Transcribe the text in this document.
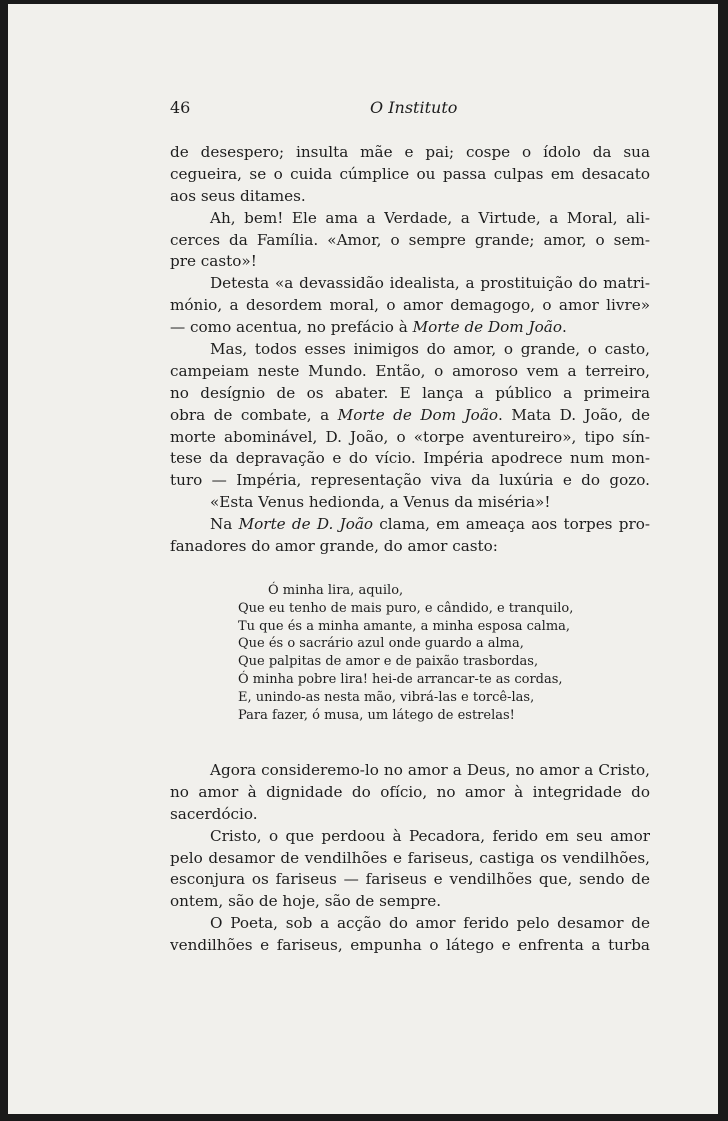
46	O Instituto
de desespero; insulta mãe e pai; cospe o ídolo da sua
cegueira, se o cuida cúmplice ou passa culpas em desacato
aos seus ditames.
Ah, bem! Ele ama a Verdade, a Virtude, a Moral, ali-
cerces da Família. «Amor, o sempre grande; amor, o sem-
pre casto»!
Detesta «a devassidão idealista, a prostituição do matri-
mónio, a desordem moral, o amor demagogo, o amor livre»
— como acentua, no prefácio à Morte de Dom João.
Mas, todos esses inimigos do amor, o grande, o casto,
campeiam neste Mundo. Então, o amoroso vem a terreiro,
no desígnio de os abater. E lança a público a primeira
obra de combate, a Morte de Dom João. Mata D. João, de
morte abominável, D. João, o «torpe aventureiro», tipo sín-
tese da depravação e do vício. Impéria apodrece num mon-
turo — Impéria, representação viva da luxúria e do gozo.
«Esta Venus hedionda, a Venus da miséria»!
Na Morte de D. João clama, em ameaça aos torpes pro-
fanadores do amor grande, do amor casto:
Ó minha lira, aquilo,
Que eu tenho de mais puro, e cândido, e tranquilo,
Tu que és a minha amante, a minha esposa calma,
Que és o sacrário azul onde guardo a alma,
Que palpitas de amor e de paixão trasbordas,
Ó minha pobre lira! hei-de arrancar-te as cordas,
E, unindo-as nesta mão, vibrá-las e torcê-las,
Para fazer, ó musa, um látego de estrelas!
Agora consideremo-lo no amor a Deus, no amor a Cristo,
no amor à dignidade do ofício, no amor à integridade do
sacerdócio.
Cristo, o que perdoou à Pecadora, ferido em seu amor
pelo desamor de vendilhões e fariseus, castiga os vendilhões,
esconjura os fariseus — fariseus e vendilhões que, sendo de
ontem, são de hoje, são de sempre.
O Poeta, sob a acção do amor ferido pelo desamor de
vendilhões e fariseus, empunha o látego e enfrenta a turba
